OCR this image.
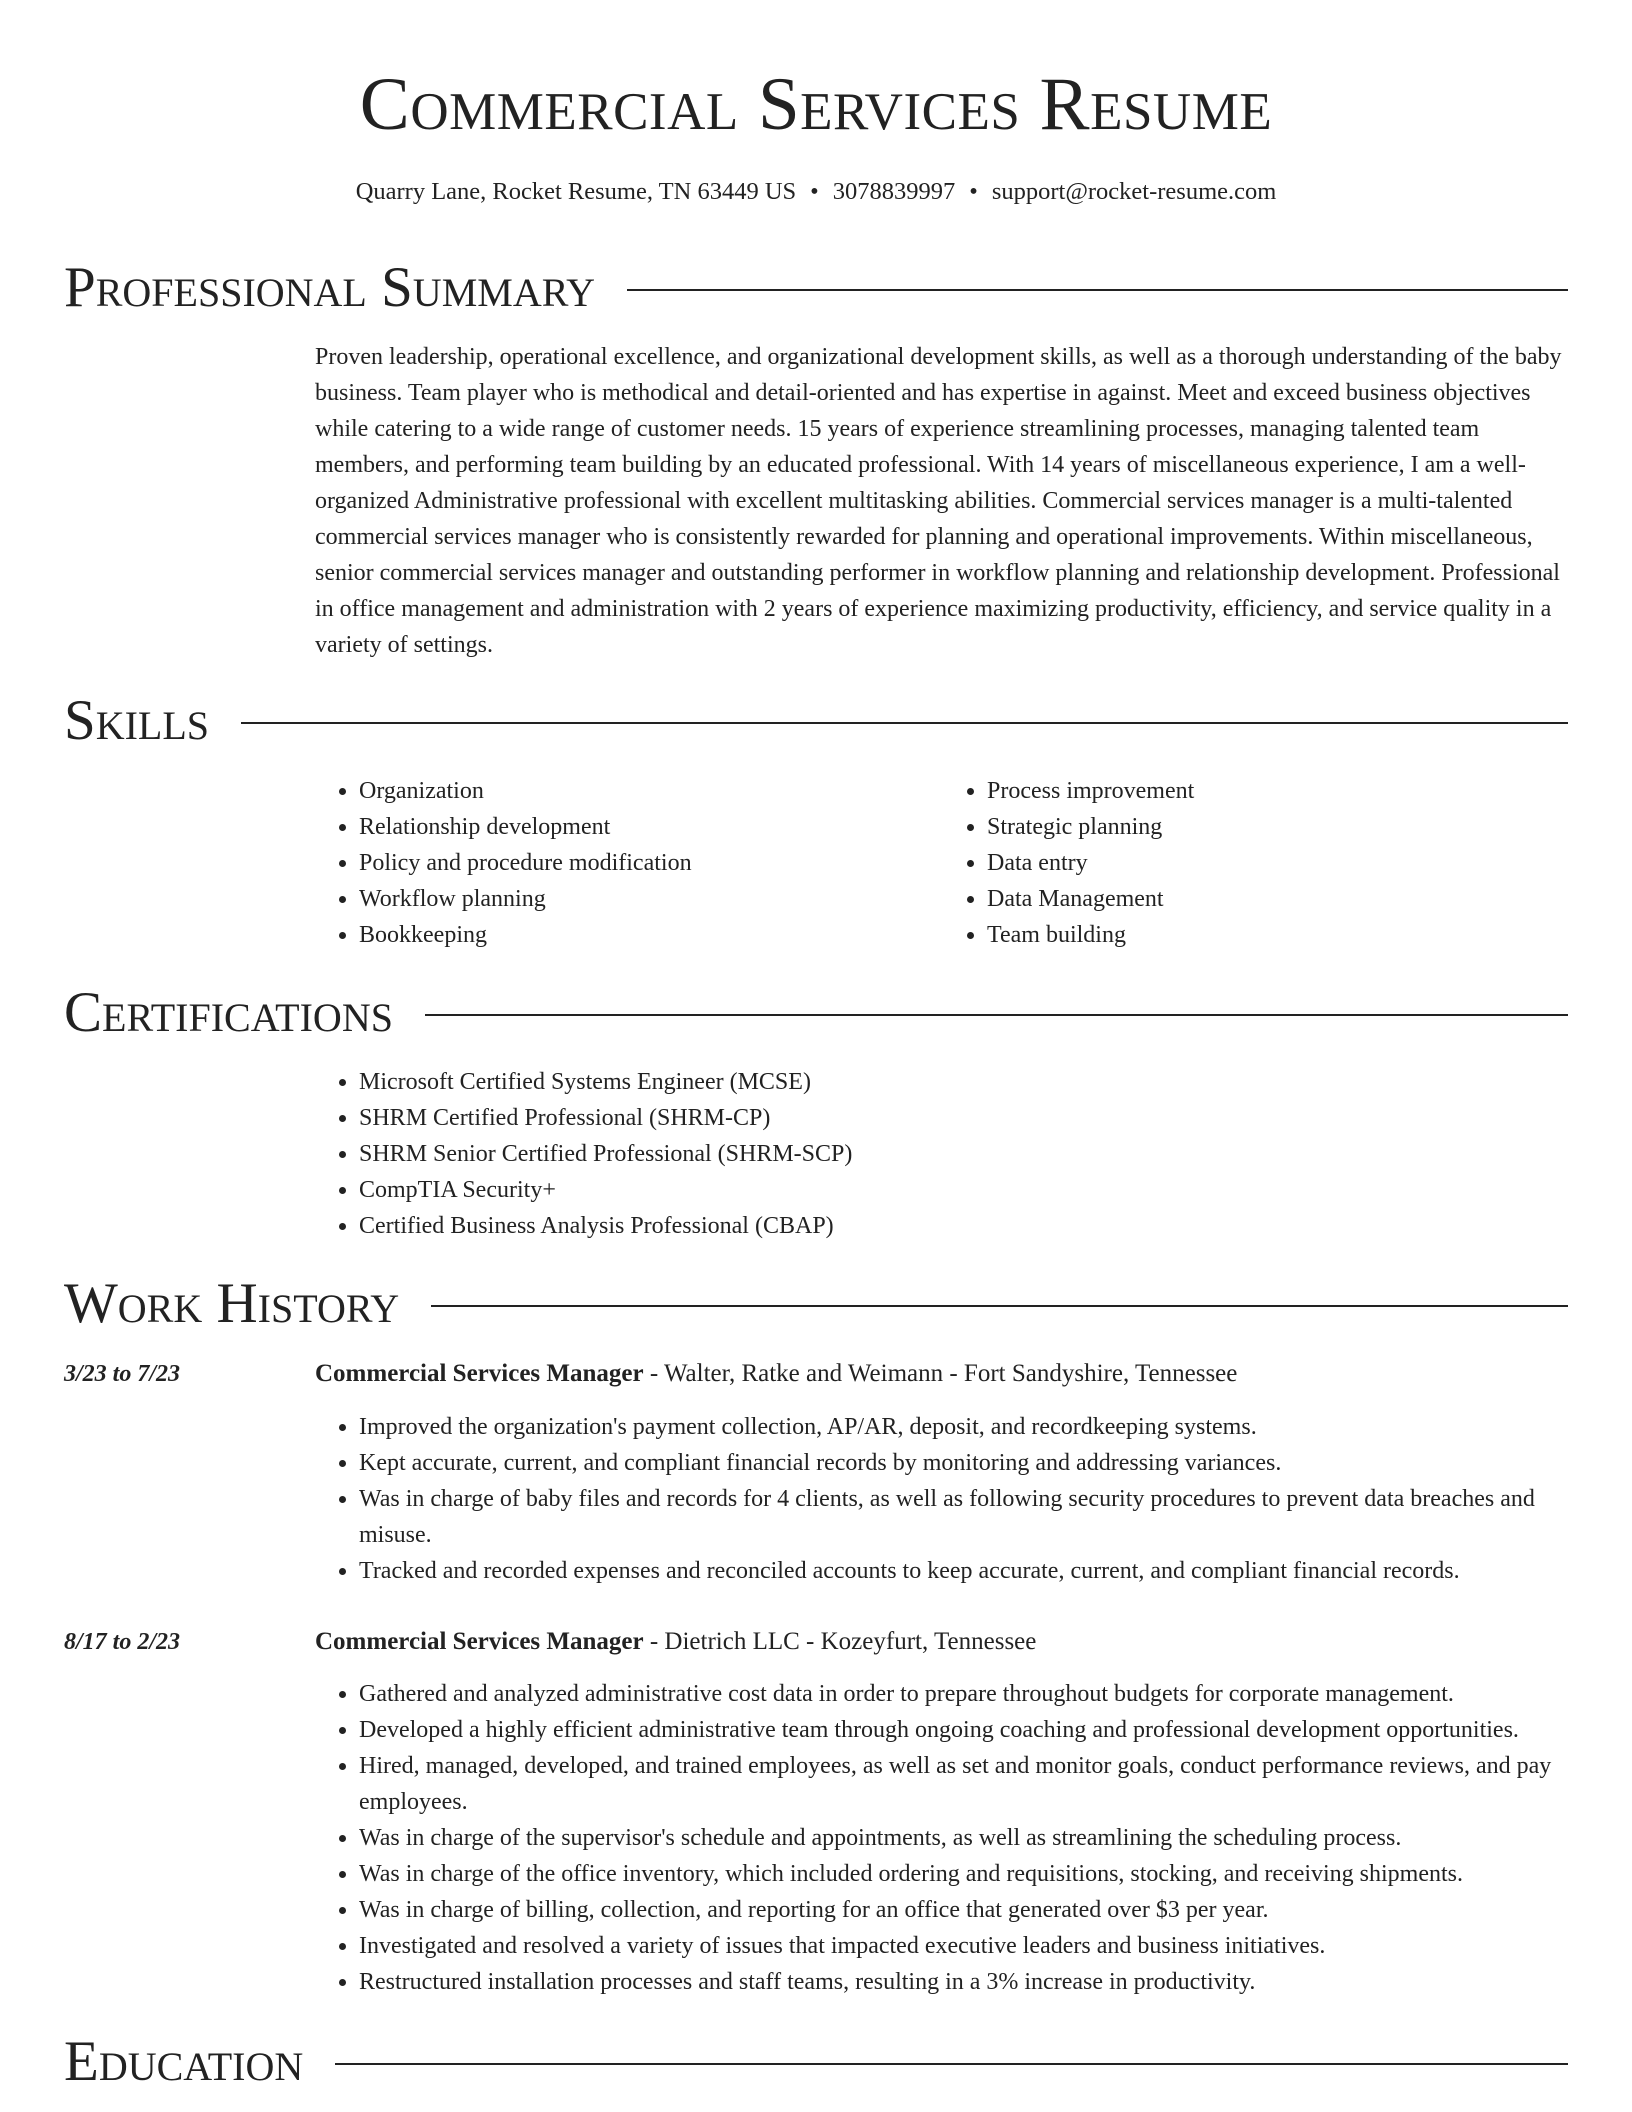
Commercial Services Resume
Quarry Lane, Rocket Resume, TN 63449 US • 3078839997 • support@rocket-resume.com
Professional Summary

Proven leadership, operational excellence, and organizational development skills, as well as a thorough understanding of the baby business. Team player who is methodical and detail-oriented and has expertise in against. Meet and exceed business objectives while catering to a wide range of customer needs. 15 years of experience streamlining processes, managing talented team members, and performing team building by an educated professional. With 14 years of miscellaneous experience, I am a well-organized Administrative professional with excellent multitasking abilities. Commercial services manager is a multi-talented commercial services manager who is consistently rewarded for planning and operational improvements. Within miscellaneous, senior commercial services manager and outstanding performer in workflow planning and relationship development. Professional in office management and administration with 2 years of experience maximizing productivity, efficiency, and service quality in a variety of settings.

Skills
• Organization
• Relationship development
• Policy and procedure modification
• Workflow planning
• Bookkeeping
• Process improvement
• Strategic planning
• Data entry
• Data Management
• Team building
Certifications
• Microsoft Certified Systems Engineer (MCSE)
• SHRM Certified Professional (SHRM-CP)
• SHRM Senior Certified Professional (SHRM-SCP)
• CompTIA Security+
• Certified Business Analysis Professional (CBAP)
Work History
3/23 to 7/23	Commercial Services Manager - Walter, Ratke and Weimann - Fort Sandyshire, Tennessee
• Improved the organization's payment collection, AP/AR, deposit, and recordkeeping systems.
• Kept accurate, current, and compliant financial records by monitoring and addressing variances.
• Was in charge of baby files and records for 4 clients, as well as following security procedures to prevent data breaches and misuse.
• Tracked and recorded expenses and reconciled accounts to keep accurate, current, and compliant financial records.
8/17 to 2/23	Commercial Services Manager - Dietrich LLC - Kozeyfurt, Tennessee
• Gathered and analyzed administrative cost data in order to prepare throughout budgets for corporate management.
• Developed a highly efficient administrative team through ongoing coaching and professional development opportunities.
• Hired, managed, developed, and trained employees, as well as set and monitor goals, conduct performance reviews, and pay employees.
• Was in charge of the supervisor's schedule and appointments, as well as streamlining the scheduling process.
• Was in charge of the office inventory, which included ordering and requisitions, stocking, and receiving shipments.
• Was in charge of billing, collection, and reporting for an office that generated over $3 per year.
• Investigated and resolved a variety of issues that impacted executive leaders and business initiatives.
• Restructured installation processes and staff teams, resulting in a 3% increase in productivity.
Education
